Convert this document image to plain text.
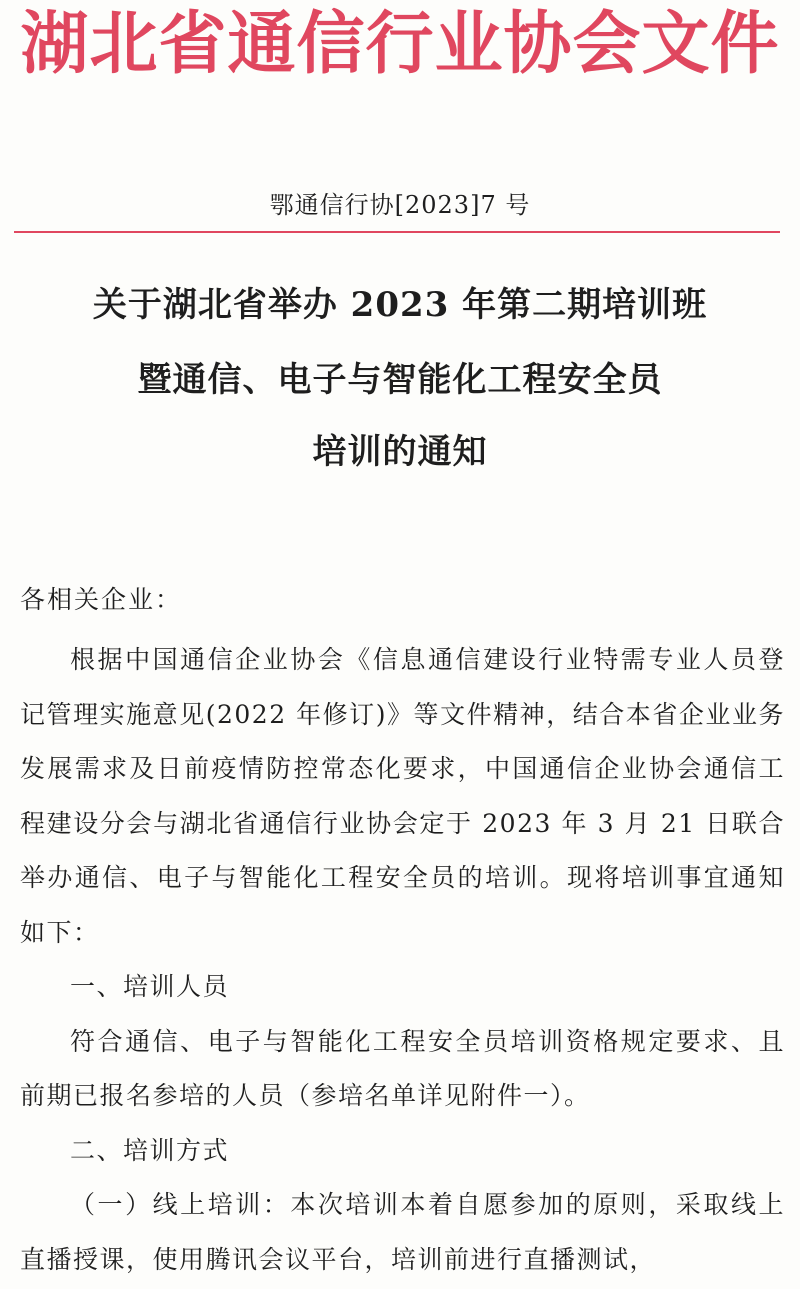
湖北省通信行业协会文件
鄂通信行协[2023]7 号
关于湖北省举办 2023 年第二期培训班
暨通信、电子与智能化工程安全员
培训的通知
各相关企业：

根据中国通信企业协会《信息通信建设行业特需专业人员登记管理实施意见(2022 年修订)》等文件精神，结合本省企业业务发展需求及日前疫情防控常态化要求，中国通信企业协会通信工程建设分会与湖北省通信行业协会定于 2023 年 3 月 21 日联合举办通信、电子与智能化工程安全员的培训。现将培训事宜通知如下：

一、培训人员

符合通信、电子与智能化工程安全员培训资格规定要求、且前期已报名参培的人员（参培名单详见附件一）。

二、培训方式

（一）线上培训：本次培训本着自愿参加的原则，采取线上直播授课，使用腾讯会议平台，培训前进行直播测试，
